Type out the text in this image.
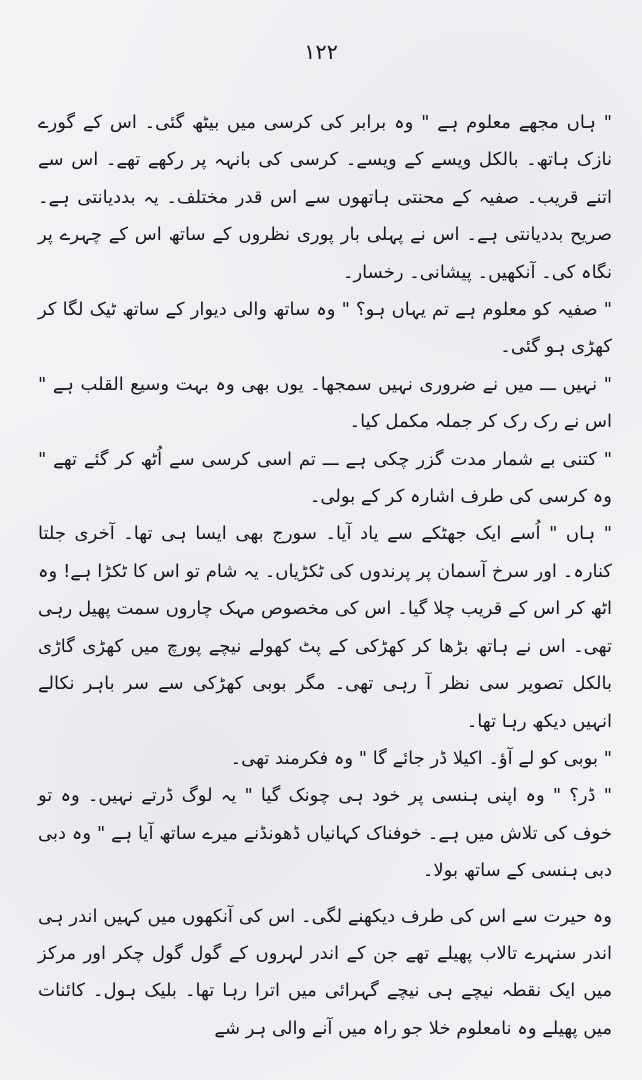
۱۲۲

" ہاں مجھے معلوم ہے " وہ برابر کی کرسی میں بیٹھ گئی۔ اس کے گورے نازک ہاتھ۔ بالکل ویسے کے ویسے۔ کرسی کی بانہہ پر رکھے تھے۔ اس سے اتنے قریب۔ صفیہ کے محنتی ہاتھوں سے اس قدر مختلف۔ یہ بددیانتی ہے۔ صریح بددیانتی ہے۔ اس نے پہلی بار پوری نظروں کے ساتھ اس کے چہرے پر نگاہ کی۔ آنکھیں۔ پیشانی۔ رخسار۔

" صفیہ کو معلوم ہے تم یہاں ہو؟ " وہ ساتھ والی دیوار کے ساتھ ٹیک لگا کر کھڑی ہو گئی۔

" نہیں ـــ میں نے ضروری نہیں سمجھا۔ یوں بھی وہ بہت وسیع القلب ہے " اس نے رک رک کر جملہ مکمل کیا۔

" کتنی بے شمار مدت گزر چکی ہے ـــ تم اسی کرسی سے اُٹھ کر گئے تھے " وہ کرسی کی طرف اشارہ کر کے بولی۔

" ہاں " اُسے ایک جھٹکے سے یاد آیا۔ سورج بھی ایسا ہی تھا۔ آخری جلتا کنارہ۔ اور سرخ آسمان پر پرندوں کی ٹکڑیاں۔ یہ شام تو اس کا ٹکڑا ہے! وہ اٹھ کر اس کے قریب چلا گیا۔ اس کی مخصوص مہک چاروں سمت پھیل رہی تھی۔ اس نے ہاتھ بڑھا کر کھڑکی کے پٹ کھولے نیچے پورچ میں کھڑی گاڑی بالکل تصویر سی نظر آ رہی تھی۔ مگر بوبی کھڑکی سے سر باہر نکالے انہیں دیکھ رہا تھا۔

" بوبی کو لے آؤ۔ اکیلا ڈر جائے گا " وہ فکرمند تھی۔

" ڈر؟ " وہ اپنی ہنسی پر خود ہی چونک گیا " یہ لوگ ڈرتے نہیں۔ وہ تو خوف کی تلاش میں ہے۔ خوفناک کہانیاں ڈھونڈنے میرے ساتھ آیا ہے " وہ دبی دبی ہنسی کے ساتھ بولا۔

وہ حیرت سے اس کی طرف دیکھنے لگی۔ اس کی آنکھوں میں کہیں اندر ہی اندر سنہرے تالاب پھیلے تھے جن کے اندر لہروں کے گول گول چکر اور مرکز میں ایک نقطہ نیچے ہی نیچے گہرائی میں اترا رہا تھا۔ بلیک ہول۔ کائنات میں پھیلے وہ نامعلوم خلا جو راہ میں آنے والی ہر شے
